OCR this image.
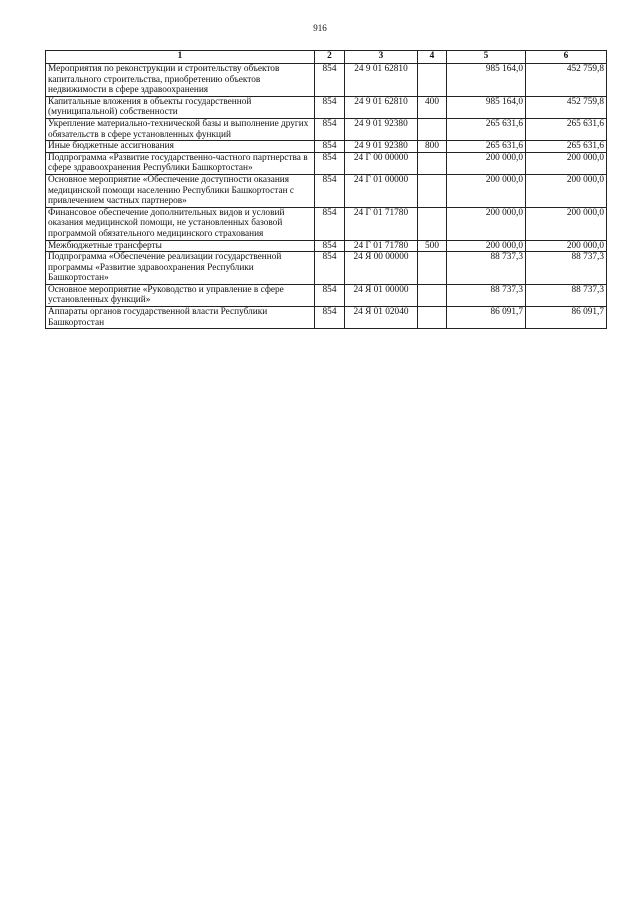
916
1	2	3	4	5	6
Мероприятия по реконструкции и строительству объектов капитального строительства, приобретению объектов недвижимости в сфере здравоохранения	854	24 9 01 62810		985 164,0	452 759,8
Капитальные вложения в объекты государственной (муниципальной) собственности	854	24 9 01 62810	400	985 164,0	452 759,8
Укрепление материально-технической базы и выполнение других обязательств в сфере установленных функций	854	24 9 01 92380		265 631,6	265 631,6
Иные бюджетные ассигнования	854	24 9 01 92380	800	265 631,6	265 631,6
Подпрограмма «Развитие государственно-частного партнерства в сфере здравоохранения Республики Башкортостан»	854	24 Г 00 00000		200 000,0	200 000,0
Основное мероприятие «Обеспечение доступности оказания медицинской помощи населению Республики Башкортостан с привлечением частных партнеров»	854	24 Г 01 00000		200 000,0	200 000,0
Финансовое обеспечение дополнительных видов и условий оказания медицинской помощи, не установленных базовой программой обязательного медицинского страхования	854	24 Г 01 71780		200 000,0	200 000,0
Межбюджетные трансферты	854	24 Г 01 71780	500	200 000,0	200 000,0
Подпрограмма «Обеспечение реализации государственной программы «Развитие здравоохранения Республики Башкортостан»	854	24 Я 00 00000		88 737,3	88 737,3
Основное мероприятие «Руководство и управление в сфере установленных функций»	854	24 Я 01 00000		88 737,3	88 737,3
Аппараты органов государственной власти Республики Башкортостан	854	24 Я 01 02040		86 091,7	86 091,7
